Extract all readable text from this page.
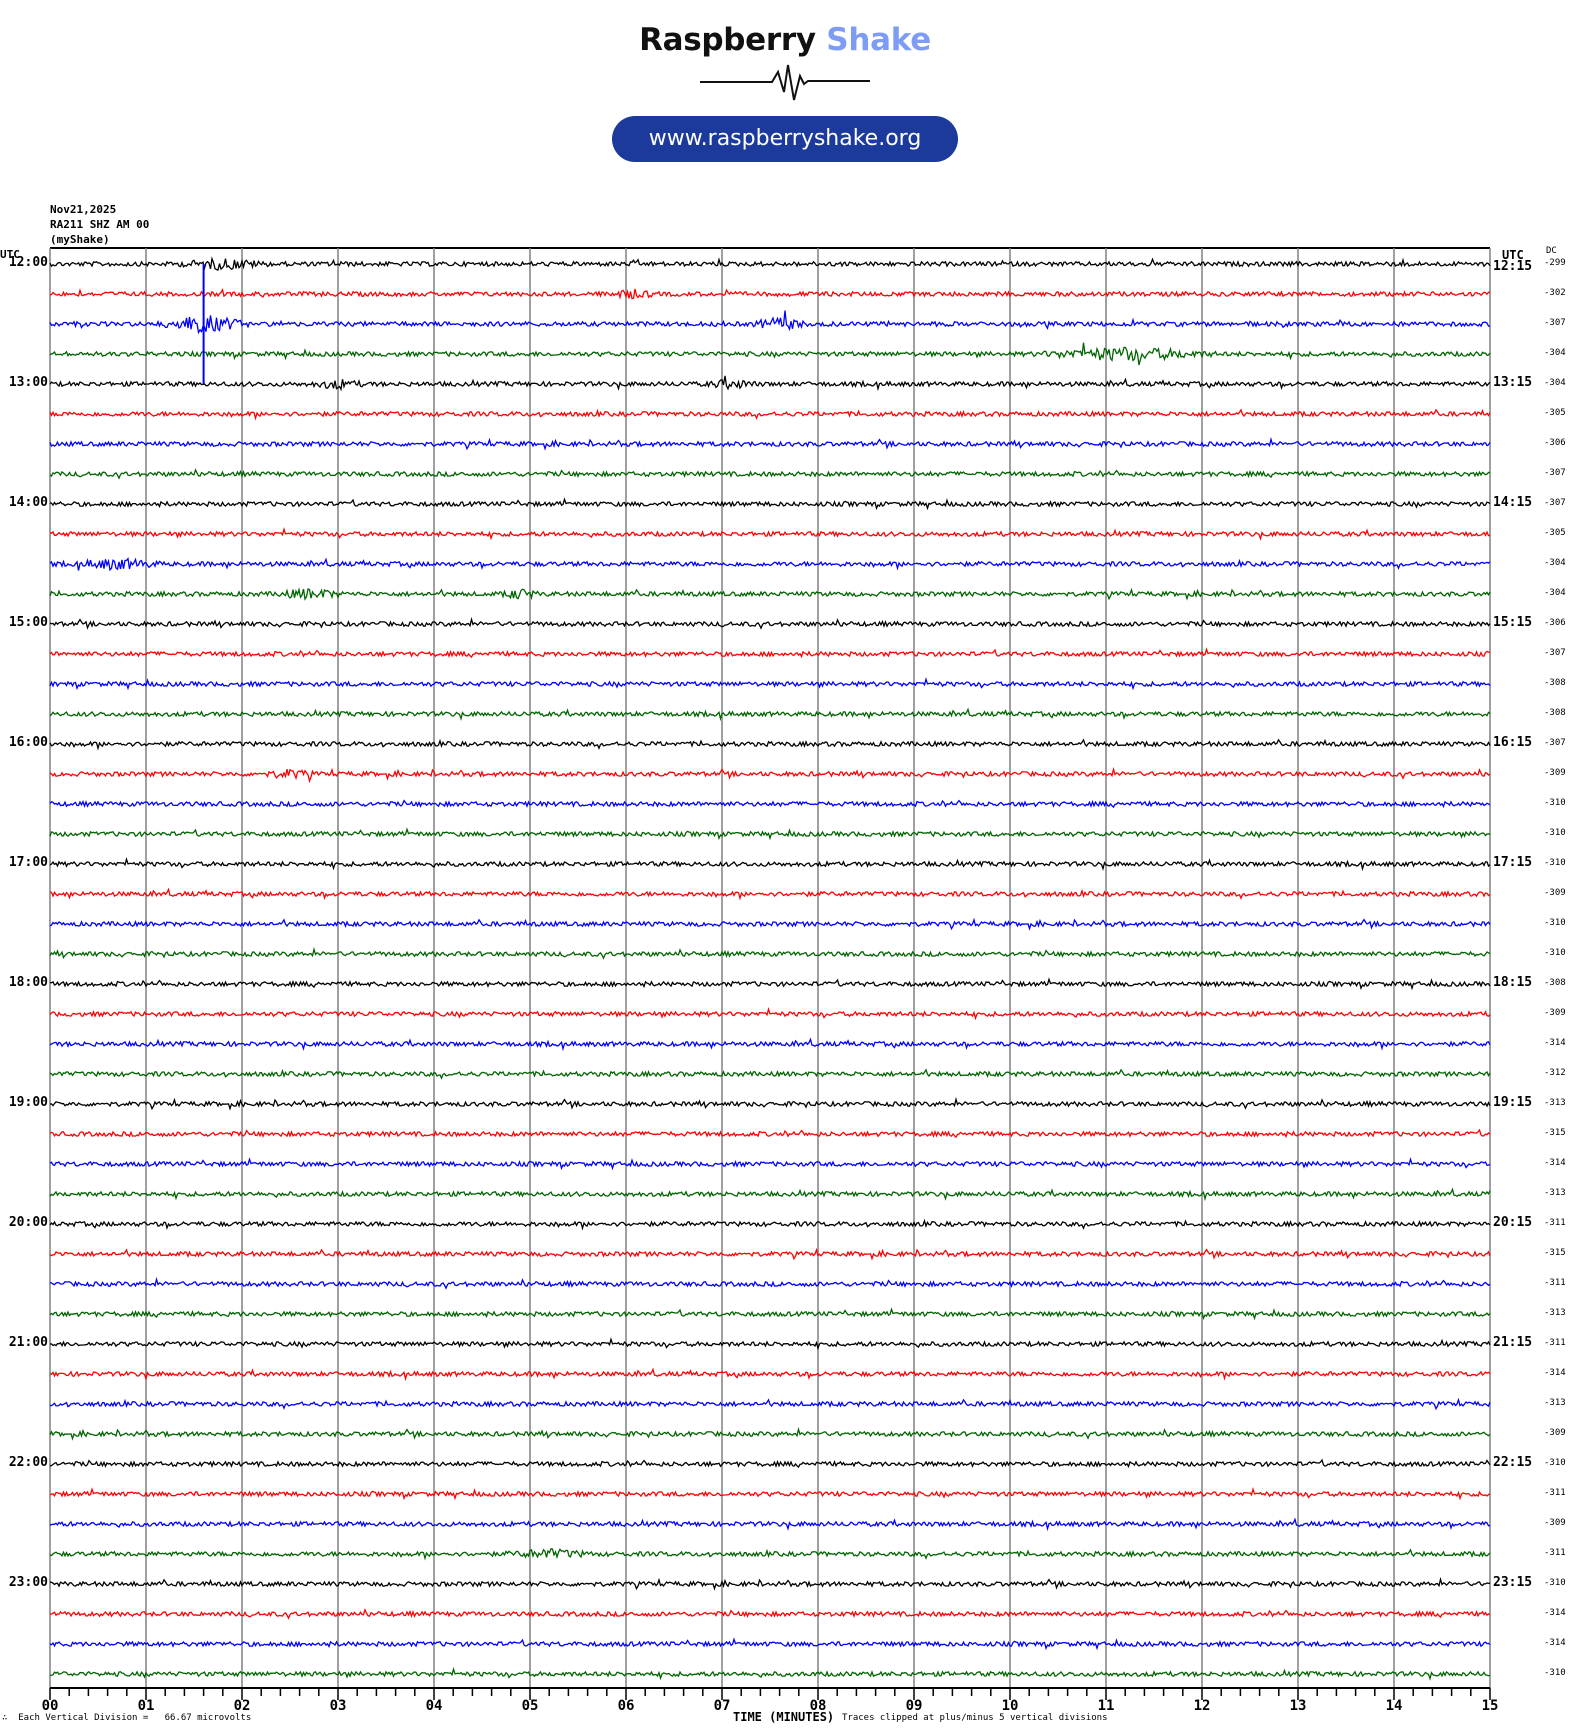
Raspberry Shake
www.raspberryshake.org
Nov21,2025
RA211 SHZ AM 00
(myShake)
UTC	UTC DC
12:00	12:15 -299
-302
-307
-304
13:00	13:15 -304
-305
-306
-307
14:00	14:15 -307
-305
-304
-304
15:00	15:15 -306
-307
-308
-308
16:00	16:15 -307
-309
-310
-310
17:00	17:15 -310
-309
-310
-310
18:00	18:15 -308
-309
-314
-312
19:00	19:15 -313
-315
-314
-313
20:00	20:15 -311
-315
-311
-313
21:00	21:15 -311
-314
-313
-309
22:00	22:15 -310
-311
-309
-311
23:00	23:15 -310
-314
-314
-310
00	01	02	03	04	05	06	07	08	09	10	11	12	13	14	15
∴ Each Vertical Division = 66.67 microvolts	TIME (MINUTES) Traces clipped at plus/minus 5 vertical divisions
